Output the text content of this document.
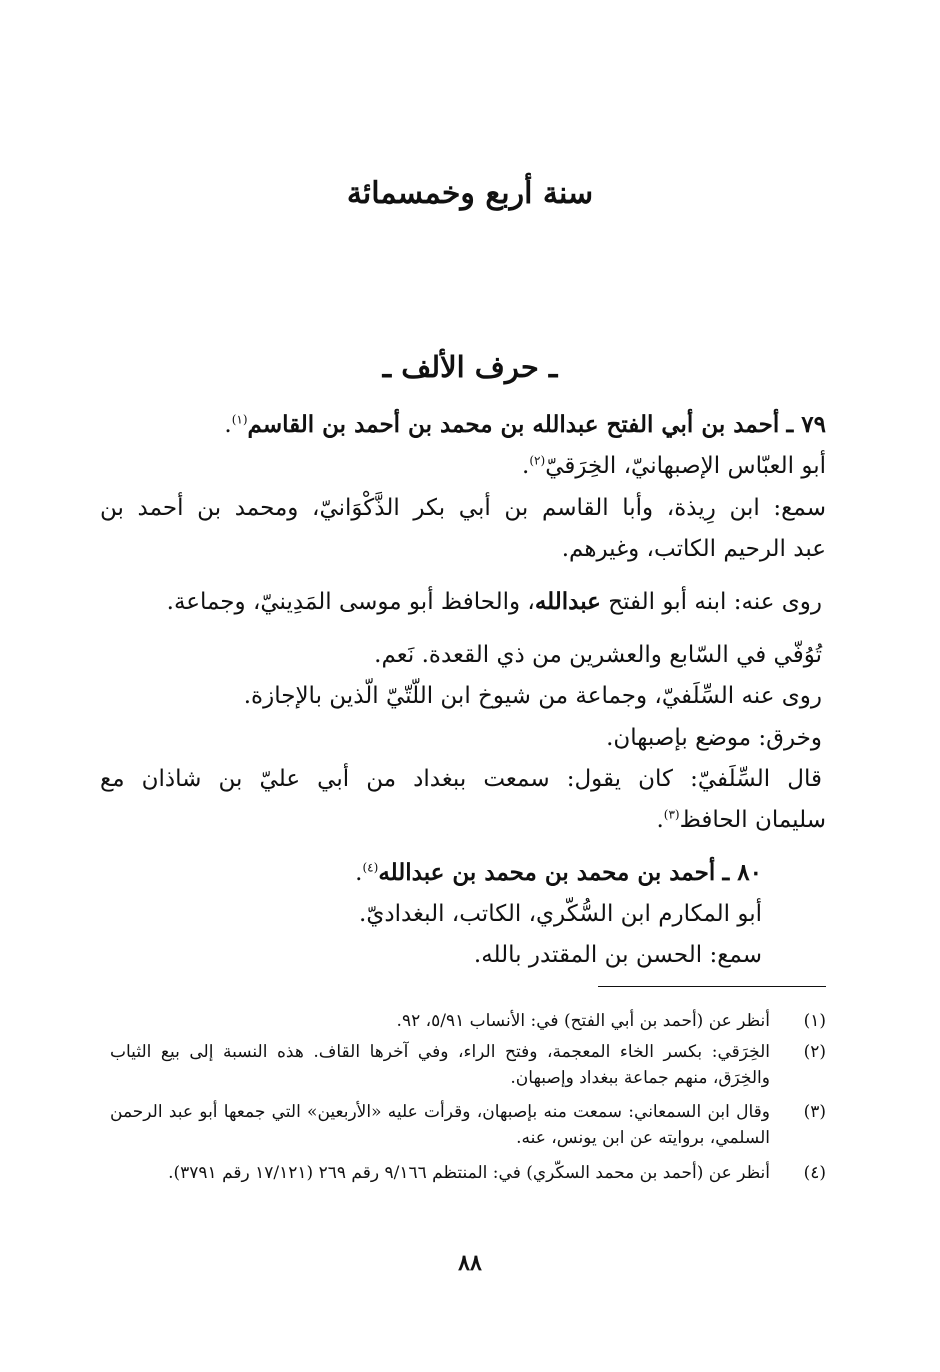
سنة أربع وخمسمائة
ـ حرف الألف ـ
٧٩ ـ أحمد بن أبي الفتح عبدالله بن محمد بن أحمد بن القاسم$^{(١)}$.
أبو العبّاس الإصبهانيّ، الخِرَقيّ$^{(٢)}$.
سمع: ابن رِيذة، وأبا القاسم بن أبي بكر الذَّكْوَانيّ، ومحمد بن أحمد بن
عبد الرحيم الكاتب، وغيرهم.
روى عنه: ابنه أبو الفتح عبدالله، والحافظ أبو موسى المَدِينيّ، وجماعة.
تُوُفّي في السّابع والعشرين من ذي القعدة. نَعم.
روى عنه السِّلَفيّ، وجماعة من شيوخ ابن اللّتّيّ الّذين بالإجازة.
وخرق: موضع بإصبهان.
قال السِّلَفيّ: كان يقول: سمعت ببغداد من أبي عليّ بن شاذان مع
سليمان الحافظ$^{(٣)}$.
٨٠ ـ أحمد بن محمد بن محمد بن عبدالله$^{(٤)}$.
أبو المكارم ابن السُّكّري، الكاتب، البغداديّ.
سمع: الحسن بن المقتدر بالله.
(١)أنظر عن (أحمد بن أبي الفتح) في: الأنساب ٥/٩١، ٩٢.
(٢)الخِرَقي: بكسر الخاء المعجمة، وفتح الراء، وفي آخرها القاف. هذه النسبة إلى بيع الثياب والخِرَق، منهم جماعة ببغداد وإصبهان.
(٣)وقال ابن السمعاني: سمعت منه بإصبهان، وقرأت عليه «الأربعين» التي جمعها أبو عبد الرحمن السلمي، بروايته عن ابن يونس، عنه.
(٤)أنظر عن (أحمد بن محمد السكّري) في: المنتظم ٩/١٦٦ رقم ٢٦٩ (١٧/١٢١ رقم ٣٧٩١).
٨٨
